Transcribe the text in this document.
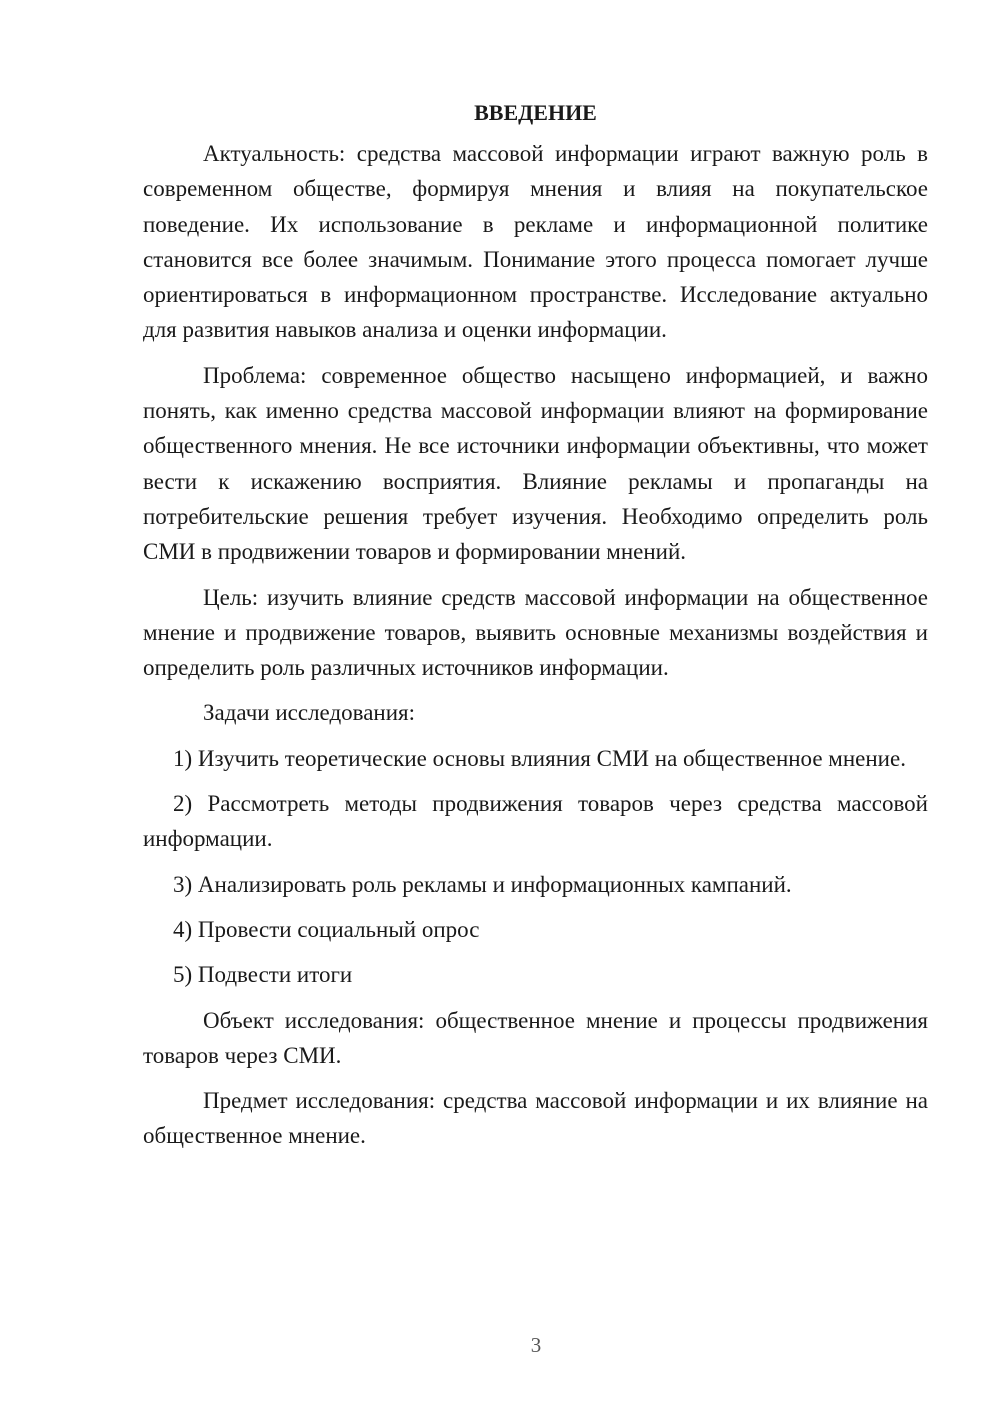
ВВЕДЕНИЕ

Актуальность: средства массовой информации играют важную роль в современном обществе, формируя мнения и влияя на покупательское поведение. Их использование в рекламе и информационной политике становится все более значимым. Понимание этого процесса помогает лучше ориентироваться в информационном пространстве. Исследование актуально для развития навыков анализа и оценки информации.

Проблема: современное общество насыщено информацией, и важно понять, как именно средства массовой информации влияют на формирование общественного мнения. Не все источники информации объективны, что может вести к искажению восприятия. Влияние рекламы и пропаганды на потребительские решения требует изучения. Необходимо определить роль СМИ в продвижении товаров и формировании мнений.

Цель: изучить влияние средств массовой информации на общественное мнение и продвижение товаров, выявить основные механизмы воздействия и определить роль различных источников информации.

Задачи исследования:

1) Изучить теоретические основы влияния СМИ на общественное мнение.

2) Рассмотреть методы продвижения товаров через средства массовой информации.

3) Анализировать роль рекламы и информационных кампаний.

4) Провести социальный опрос

5) Подвести итоги

Объект исследования: общественное мнение и процессы продвижения товаров через СМИ.

Предмет исследования: средства массовой информации и их влияние на общественное мнение.

3
